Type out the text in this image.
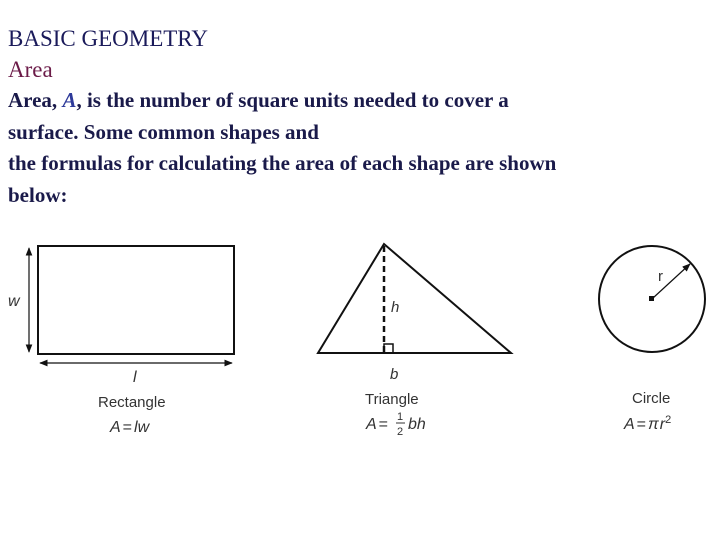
BASIC GEOMETRY
Area
Area, A, is the number of square units needed to cover a
surface. Some common shapes and
the formulas for calculating the area of each shape are shown
below:
w
l
Rectangle
A = lw
h
b
Triangle
A = 1
2 bh
r
Circle
$A = \pi r^2$
